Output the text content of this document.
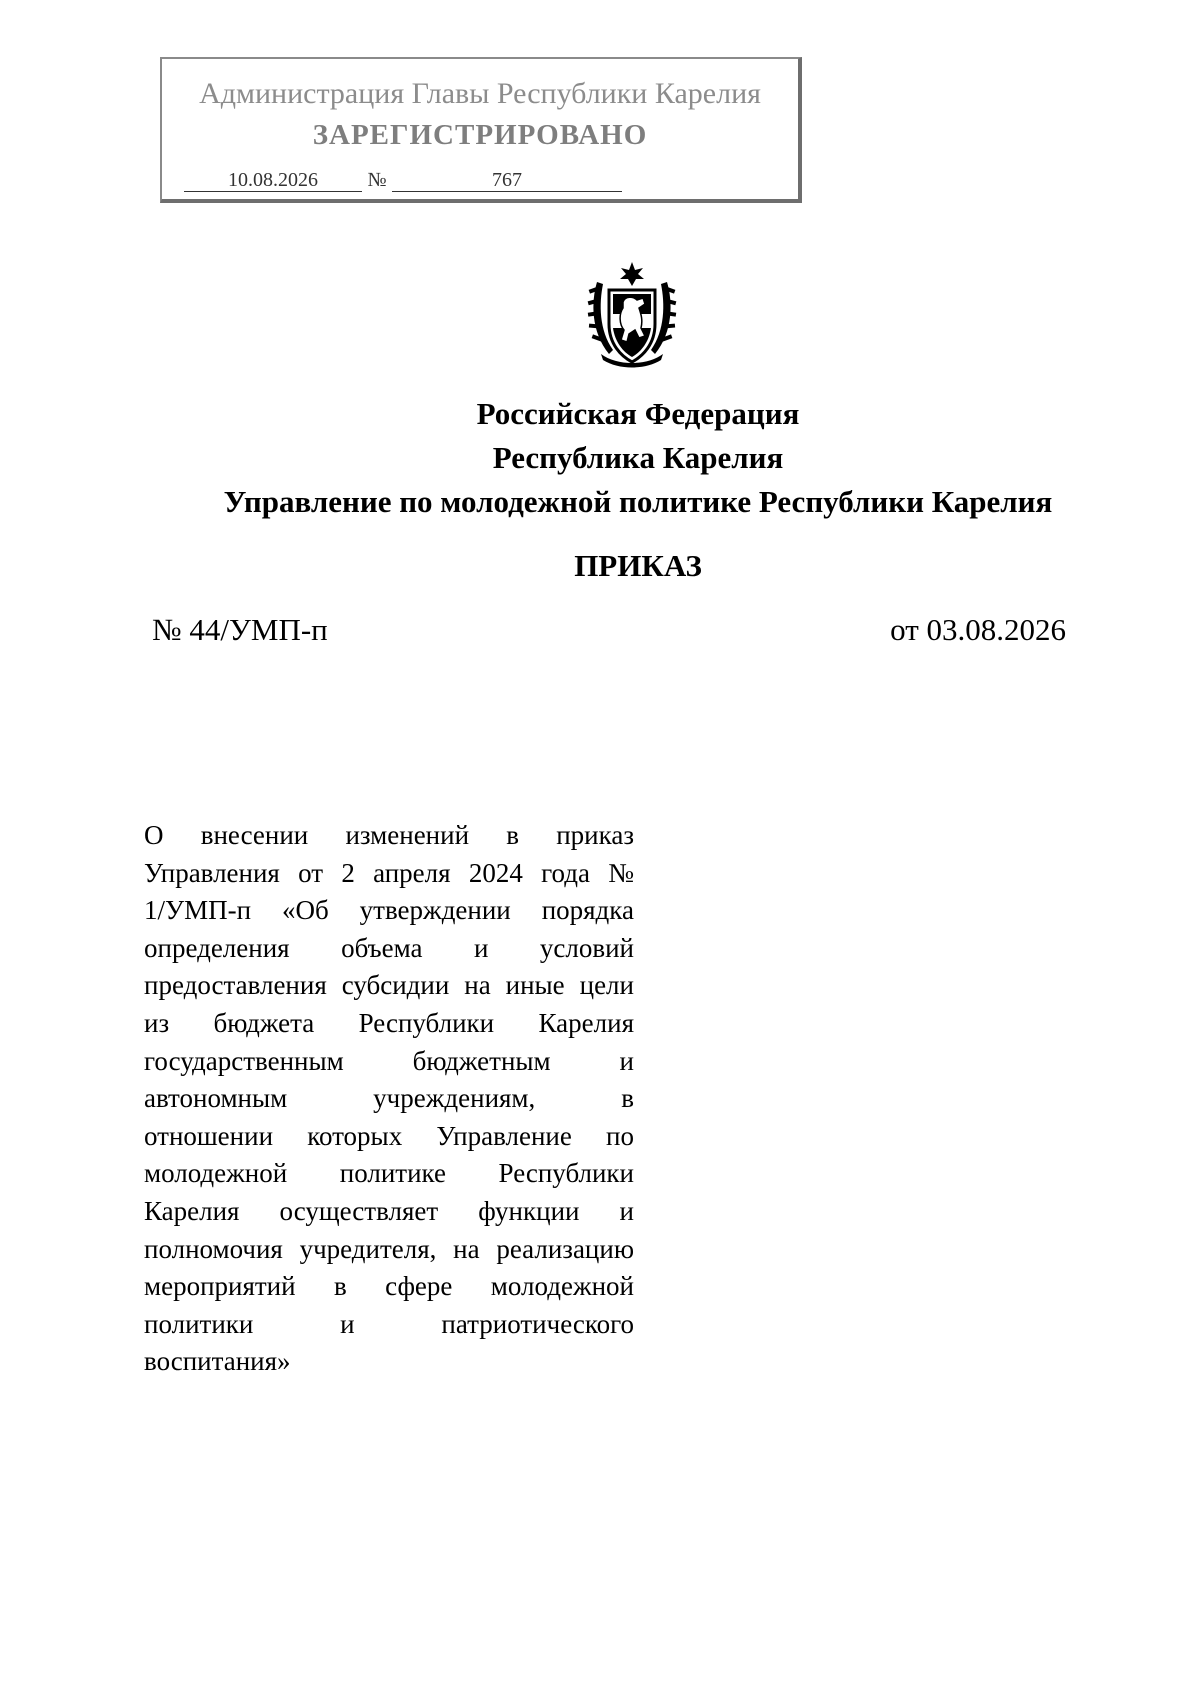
Администрация Главы Республики Карелия
ЗАРЕГИСТРИРОВАНО
10.08.2026	№	767
Российская Федерация
Республика Карелия
Управление по молодежной политике Республики Карелия
ПРИКАЗ
№ 44/УМП-п	от 03.08.2026
О внесении изменений в приказ
Управления от 2 апреля 2024 года №
1/УМП-п «Об утверждении порядка
определения объема и условий
предоставления субсидии на иные цели
из бюджета Республики Карелия
государственным бюджетным и
автономным учреждениям, в
отношении которых Управление по
молодежной политике Республики
Карелия осуществляет функции и
полномочия учредителя, на реализацию
мероприятий в сфере молодежной
политики и патриотического
воспитания»
